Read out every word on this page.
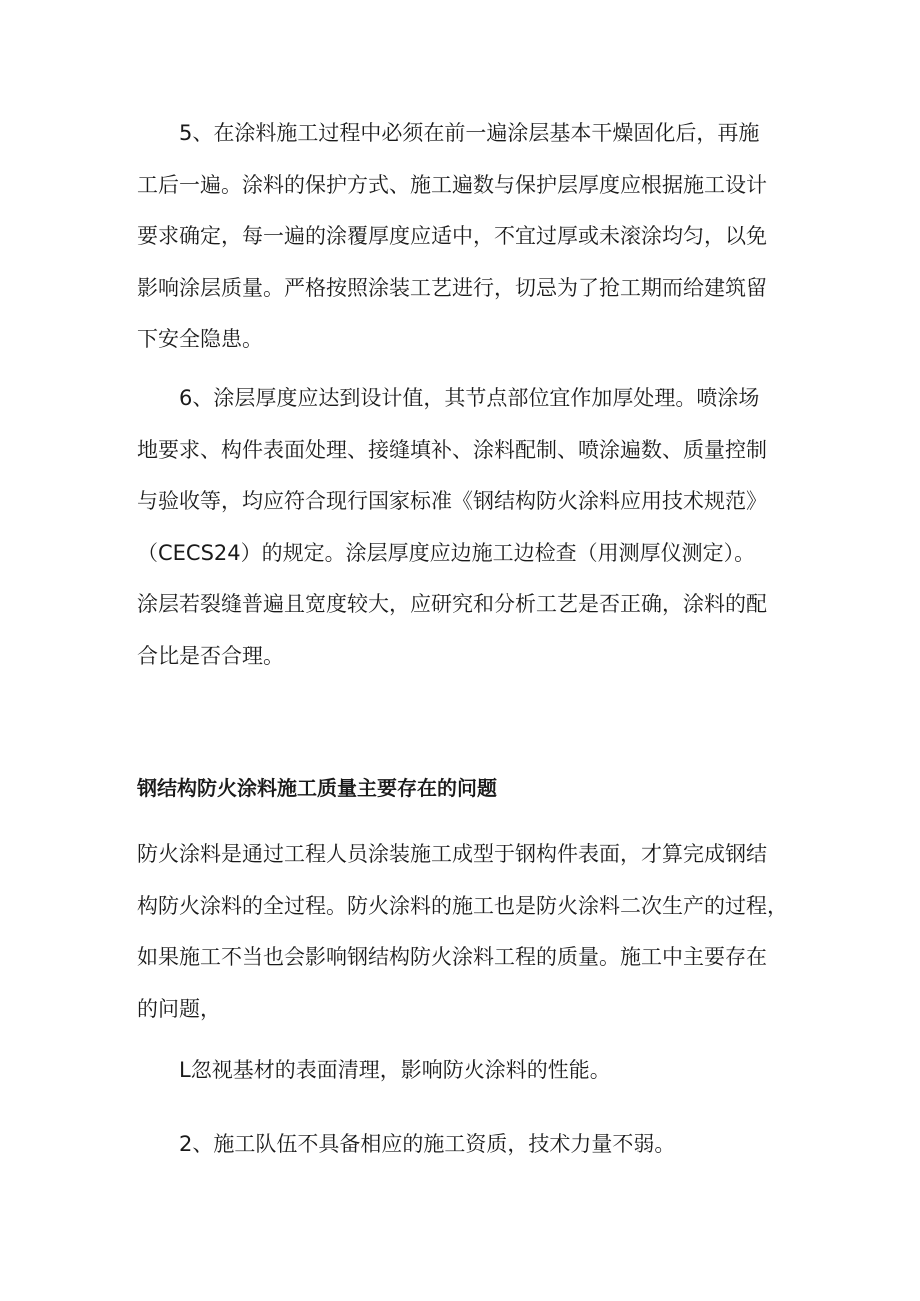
5、在涂料施工过程中必须在前一遍涂层基本干燥固化后，再施
工后一遍。涂料的保护方式、施工遍数与保护层厚度应根据施工设计
要求确定，每一遍的涂覆厚度应适中，不宜过厚或未滚涂均匀，以免
影响涂层质量。严格按照涂装工艺进行，切忌为了抢工期而给建筑留
下安全隐患。
6、涂层厚度应达到设计值，其节点部位宜作加厚处理。喷涂场
地要求、构件表面处理、接缝填补、涂料配制、喷涂遍数、质量控制
与验收等，均应符合现行国家标准《钢结构防火涂料应用技术规范》
（CECS24）的规定。涂层厚度应边施工边检查（用测厚仪测定）。
涂层若裂缝普遍且宽度较大，应研究和分析工艺是否正确，涂料的配
合比是否合理。
钢结构防火涂料施工质量主要存在的问题
防火涂料是通过工程人员涂装施工成型于钢构件表面，才算完成钢结
构防火涂料的全过程。防火涂料的施工也是防火涂料二次生产的过程，
如果施工不当也会影响钢结构防火涂料工程的质量。施工中主要存在
的问题，

L忽视基材的表面清理，影响防火涂料的性能。

2、施工队伍不具备相应的施工资质，技术力量不弱。
